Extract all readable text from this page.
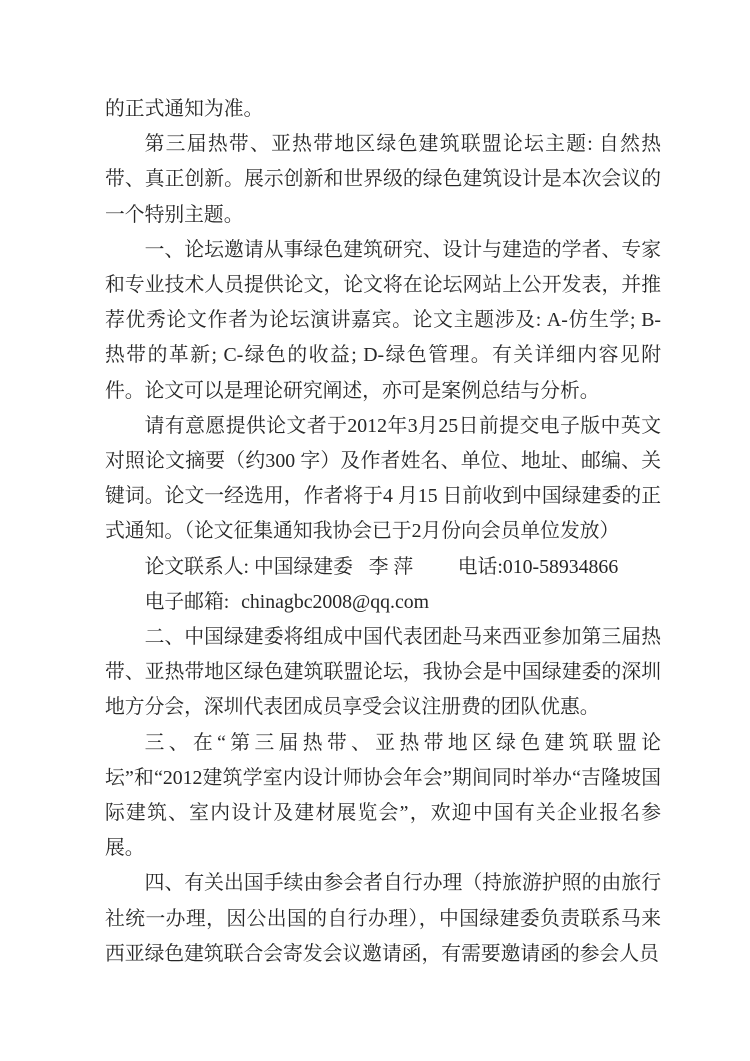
的正式通知为准。

第三届热带、亚热带地区绿色建筑联盟论坛主题: 自然热带、真正创新。展示创新和世界级的绿色建筑设计是本次会议的一个特别主题。

一、论坛邀请从事绿色建筑研究、设计与建造的学者、专家和专业技术人员提供论文，论文将在论坛网站上公开发表，并推荐优秀论文作者为论坛演讲嘉宾。论文主题涉及: A-仿生学; B-热带的革新; C-绿色的收益; D-绿色管理。有关详细内容见附件。论文可以是理论研究阐述，亦可是案例总结与分析。

请有意愿提供论文者于2012年3月25日前提交电子版中英文对照论文摘要（约300 字）及作者姓名、单位、地址、邮编、关键词。论文一经选用，作者将于4 月15 日前收到中国绿建委的正式通知。（论文征集通知我协会已于2月份向会员单位发放）

论文联系人: 中国绿建委 李 萍 电话:010-58934866

电子邮箱: chinagbc2008@qq.com

二、中国绿建委将组成中国代表团赴马来西亚参加第三届热带、亚热带地区绿色建筑联盟论坛，我协会是中国绿建委的深圳地方分会，深圳代表团成员享受会议注册费的团队优惠。

三、在“第三届热带、亚热带地区绿色建筑联盟论坛”和“2012建筑学室内设计师协会年会”期间同时举办“吉隆坡国际建筑、室内设计及建材展览会”，欢迎中国有关企业报名参展。

四、有关出国手续由参会者自行办理（持旅游护照的由旅行社统一办理，因公出国的自行办理），中国绿建委负责联系马来西亚绿色建筑联合会寄发会议邀请函，有需要邀请函的参会人员
